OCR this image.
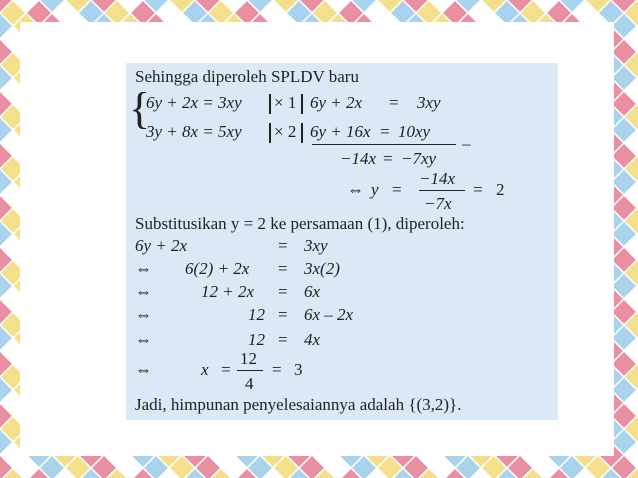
Sehingga diperoleh SPLDV baru
{
6y + 2x = 3xy × 1 6y + 2x = 3xy
3y + 8x = 5xy × 2 6y + 16x = 10xy
–
−14x = −7xy
⇔ y =
−14x
−7x
= 2
Substitusikan y = 2 ke persamaan (1), diperoleh:
6y + 2x	= 3xy
⇔ 6(2) + 2x = 3x(2)
⇔	12 + 2x = 6x
⇔	12 = 6x – 2x
⇔	12 = 4x
⇔	x =
12
4
= 3
Jadi, himpunan penyelesaiannya adalah {(3,2)}.
